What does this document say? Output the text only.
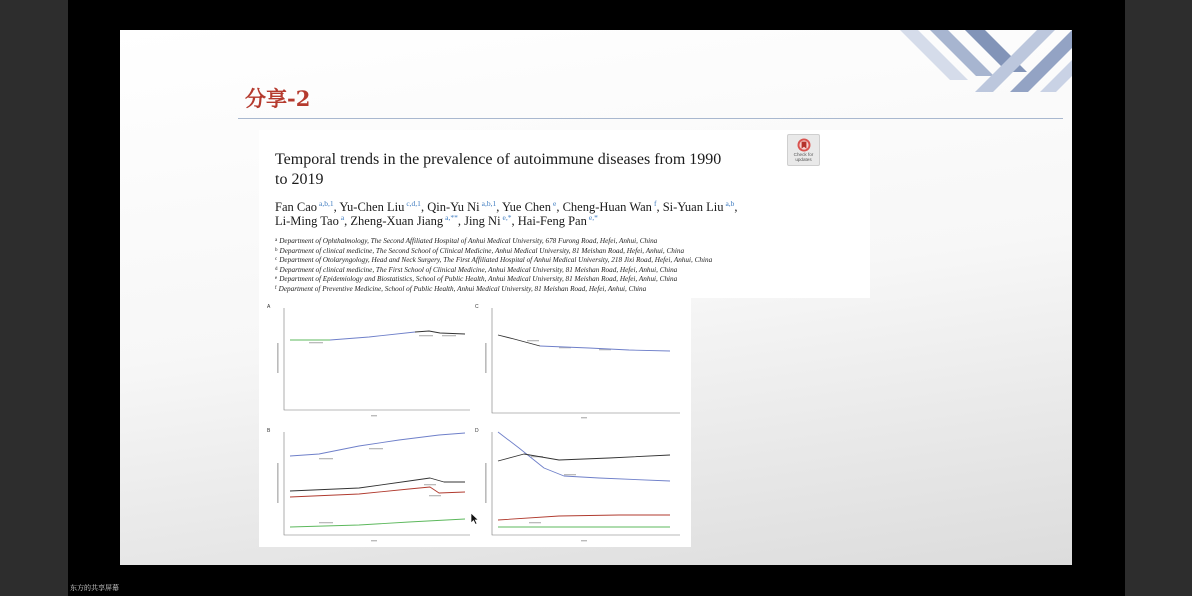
分享-2
Temporal trends in the prevalence of autoimmune diseases from 1990
to 2019
Check for
updates
Fan Cao $^{a,b,1}$, Yu-Chen Liu $^{c,d,1}$, Qin-Yu Ni $^{a,b,1}$, Yue Chen $^e$, Cheng-Huan Wan $^f$, Si-Yuan Liu $^{a,b}$,
Li-Ming Tao $^a$, Zheng-Xuan Jiang $^{a,**}$, Jing Ni $^{e,*}$, Hai-Feng Pan $^{e,*}$
$^a$ Department of Ophthalmology, The Second Affiliated Hospital of Anhui Medical University, 678 Furong Road, Hefei, Anhui, China
$^b$ Department of clinical medicine, The Second School of Clinical Medicine, Anhui Medical University, 81 Meishan Road, Hefei, Anhui, China
$^c$ Department of Otolaryngology, Head and Neck Surgery, The First Affiliated Hospital of Anhui Medical University, 218 Jixi Road, Hefei, Anhui, China
$^d$ Department of clinical medicine, The First School of Clinical Medicine, Anhui Medical University, 81 Meishan Road, Hefei, Anhui, China
$^e$ Department of Epidemiology and Biostatistics, School of Public Health, Anhui Medical University, 81 Meishan Road, Hefei, Anhui, China
$^f$ Department of Preventive Medicine, School of Public Health, Anhui Medical University, 81 Meishan Road, Hefei, Anhui, China
A	C
B	D
东方的共享屏幕
